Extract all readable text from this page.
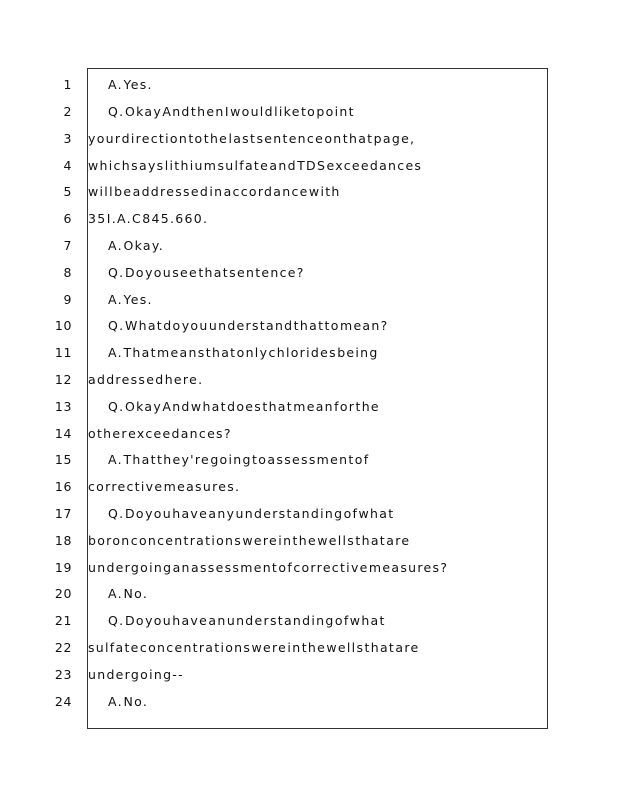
1	A.  Yes.
2	Q.  Okay And then I would like to point
3 your direction to the last sentence on that page,
4 which says lithium sulfate and TDS exceedances
5 will be addressed in accordance with
6 35 I.A.C 845.660.
7	A.  Okay.
8	Q.  Do you see that sentence?
9	A.  Yes.
10	Q.  What do you understand that to mean?
11	A.  That means that only chlorides being
12 addressed here.
13	Q.  Okay And what does that mean for the
14 other exceedances?
15	A.  That they're going to assessment of
16 corrective measures.
17	Q.  Do you have any understanding of what
18 boron concentrations were in the wells that are
19 undergoing an assessment of corrective measures?
20	A.  No.
21	Q.  Do you have an understanding of what
22 sulfate concentrations were in the wells that are
23 undergoing--
24	A.  No.
